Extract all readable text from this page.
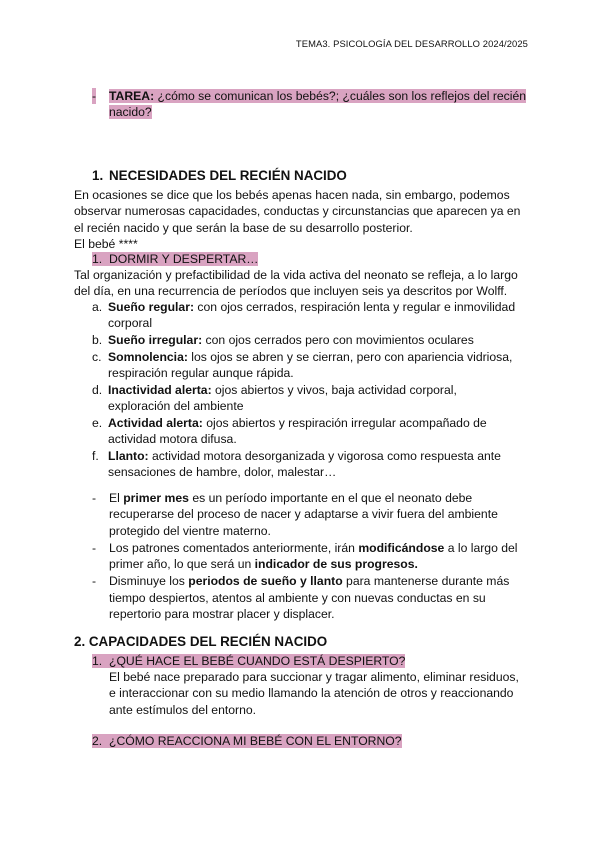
TEMA3. PSICOLOGÍA DEL DESARROLLO 2024/2025
- TAREA: ¿cómo se comunican los bebés?; ¿cuáles son los reflejos del recién nacido?
1. NECESIDADES DEL RECIÉN NACIDO
En ocasiones se dice que los bebés apenas hacen nada, sin embargo, podemos observar numerosas capacidades, conductas y circunstancias que aparecen ya en el recién nacido y que serán la base de su desarrollo posterior.
El bebé ****
1. DORMIR Y DESPERTAR…
Tal organización y prefactibilidad de la vida activa del neonato se refleja, a lo largo del día, en una recurrencia de períodos que incluyen seis ya descritos por Wolff.
a. Sueño regular: con ojos cerrados, respiración lenta y regular e inmovilidad corporal
b. Sueño irregular: con ojos cerrados pero con movimientos oculares
c. Somnolencia: los ojos se abren y se cierran, pero con apariencia vidriosa, respiración regular aunque rápida.
d. Inactividad alerta: ojos abiertos y vivos, baja actividad corporal, exploración del ambiente
e. Actividad alerta: ojos abiertos y respiración irregular acompañado de actividad motora difusa.
f. Llanto: actividad motora desorganizada y vigorosa como respuesta ante sensaciones de hambre, dolor, malestar…
- El primer mes es un período importante en el que el neonato debe recuperarse del proceso de nacer y adaptarse a vivir fuera del ambiente protegido del vientre materno.
- Los patrones comentados anteriormente, irán modificándose a lo largo del primer año, lo que será un indicador de sus progresos.
- Disminuye los periodos de sueño y llanto para mantenerse durante más tiempo despiertos, atentos al ambiente y con nuevas conductas en su repertorio para mostrar placer y displacer.
2. CAPACIDADES DEL RECIÉN NACIDO
1. ¿QUÉ HACE EL BEBÉ CUANDO ESTÁ DESPIERTO?
El bebé nace preparado para succionar y tragar alimento, eliminar residuos, e interaccionar con su medio llamando la atención de otros y reaccionando ante estímulos del entorno.
2. ¿CÓMO REACCIONA MI BEBÉ CON EL ENTORNO?
